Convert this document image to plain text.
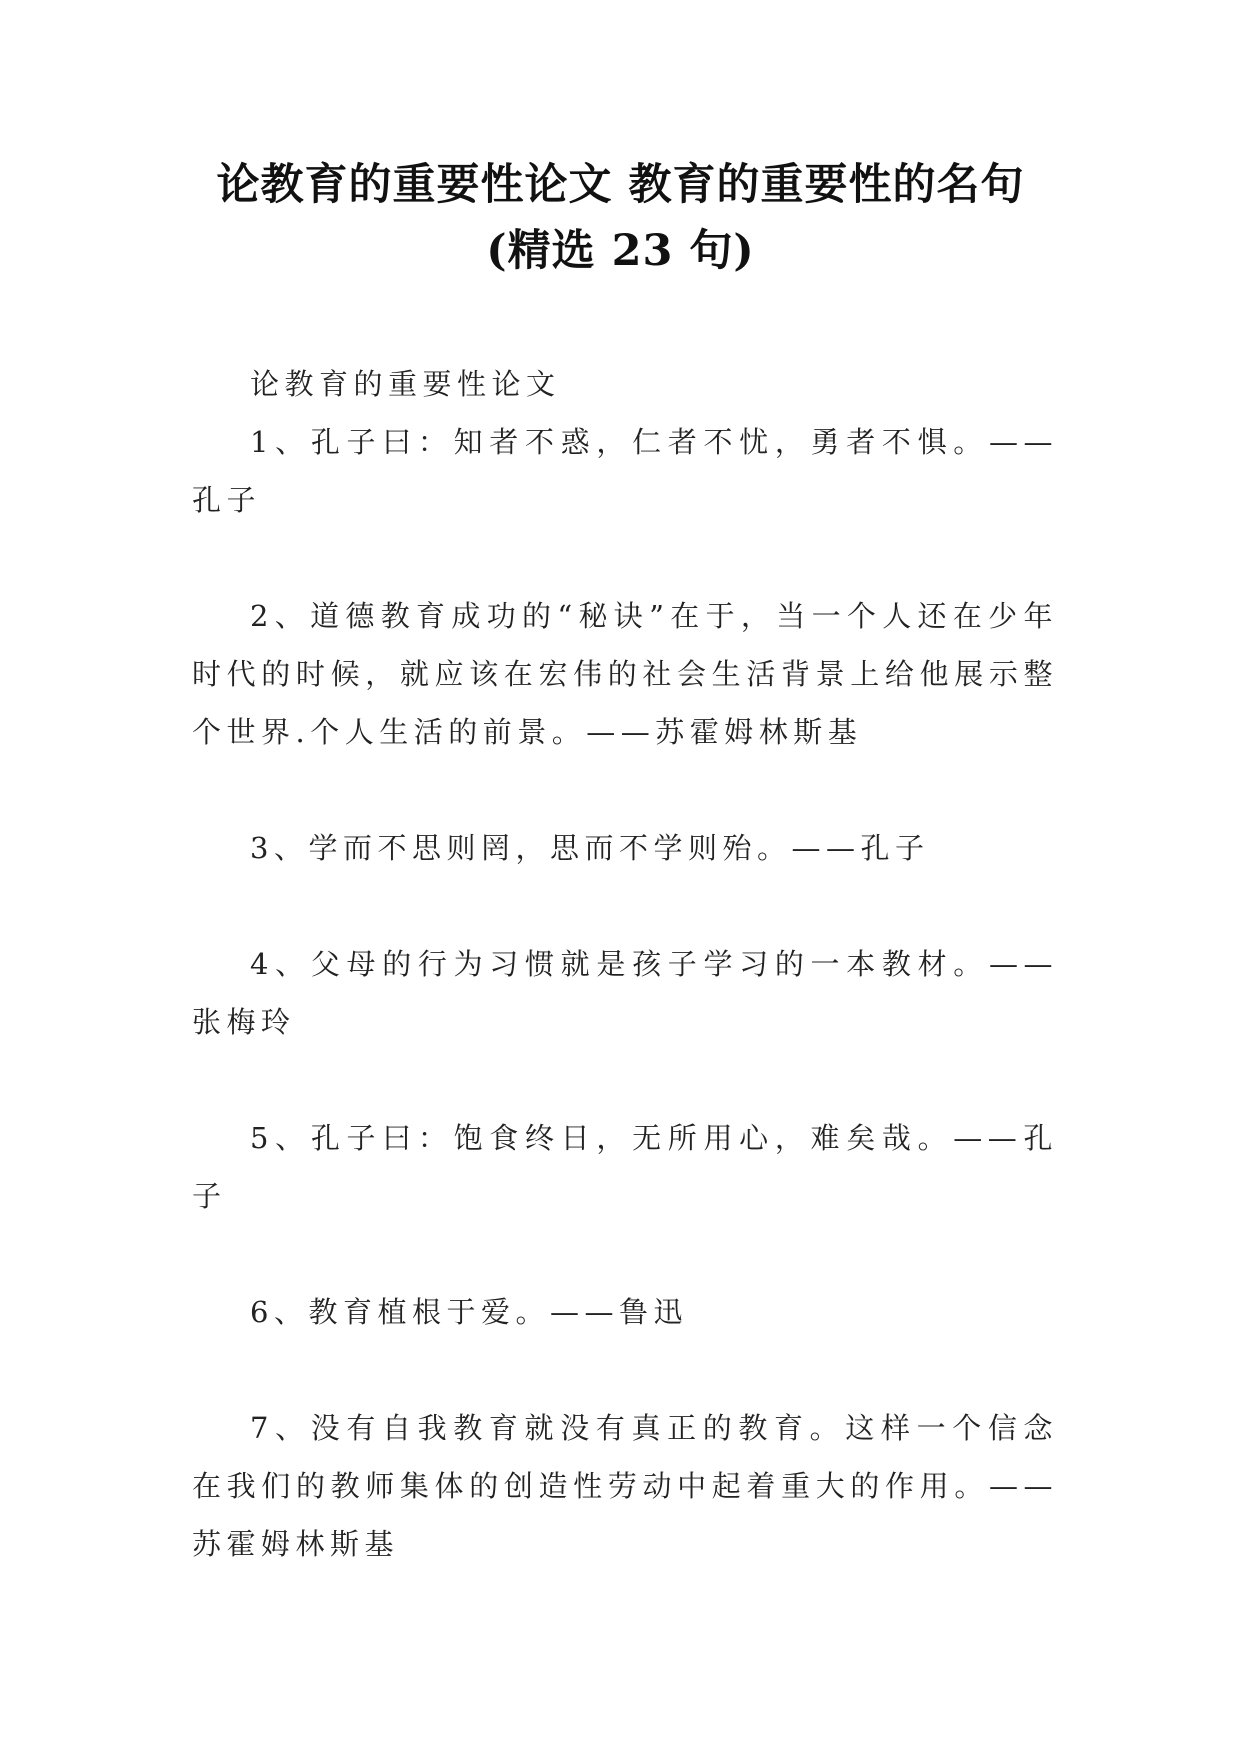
论教育的重要性论文 教育的重要性的名句
(精选 23 句)

论教育的重要性论文

1、孔子曰：知者不惑，仁者不忧，勇者不惧。——孔子

2、道德教育成功的“秘诀”在于，当一个人还在少年时代的时候，就应该在宏伟的社会生活背景上给他展示整个世界.个人生活的前景。——苏霍姆林斯基

3、学而不思则罔，思而不学则殆。——孔子

4、父母的行为习惯就是孩子学习的一本教材。——张梅玲

5、孔子曰：饱食终日，无所用心，难矣哉。——孔子

6、教育植根于爱。——鲁迅

7、没有自我教育就没有真正的教育。这样一个信念在我们的教师集体的创造性劳动中起着重大的作用。——苏霍姆林斯基
